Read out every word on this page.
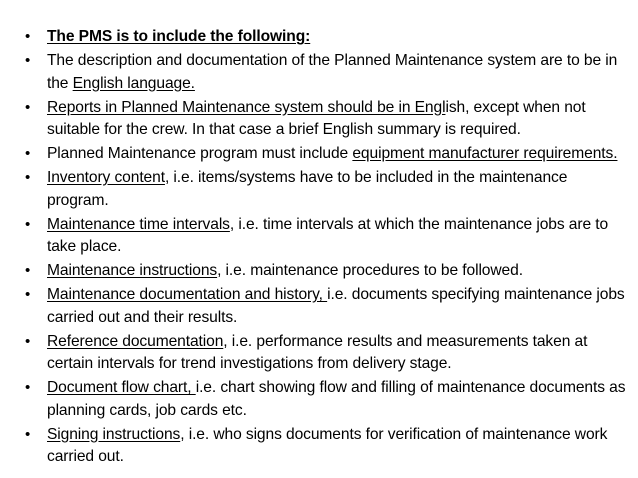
• The PMS is to include the following:
• The description and documentation of the Planned Maintenance system are to be in the English language.
• Reports in Planned Maintenance system should be in English, except when not suitable for the crew. In that case a brief English summary is required.
• Planned Maintenance program must include equipment manufacturer requirements.
• Inventory content, i.e. items/systems have to be included in the maintenance program.
• Maintenance time intervals, i.e. time intervals at which the maintenance jobs are to take place.
• Maintenance instructions, i.e. maintenance procedures to be followed.
• Maintenance documentation and history, i.e. documents specifying maintenance jobs carried out and their results.
• Reference documentation, i.e. performance results and measurements taken at certain intervals for trend investigations from delivery stage.
• Document flow chart, i.e. chart showing flow and filling of maintenance documents as planning cards, job cards etc.
• Signing instructions, i.e. who signs documents for verification of maintenance work carried out.
